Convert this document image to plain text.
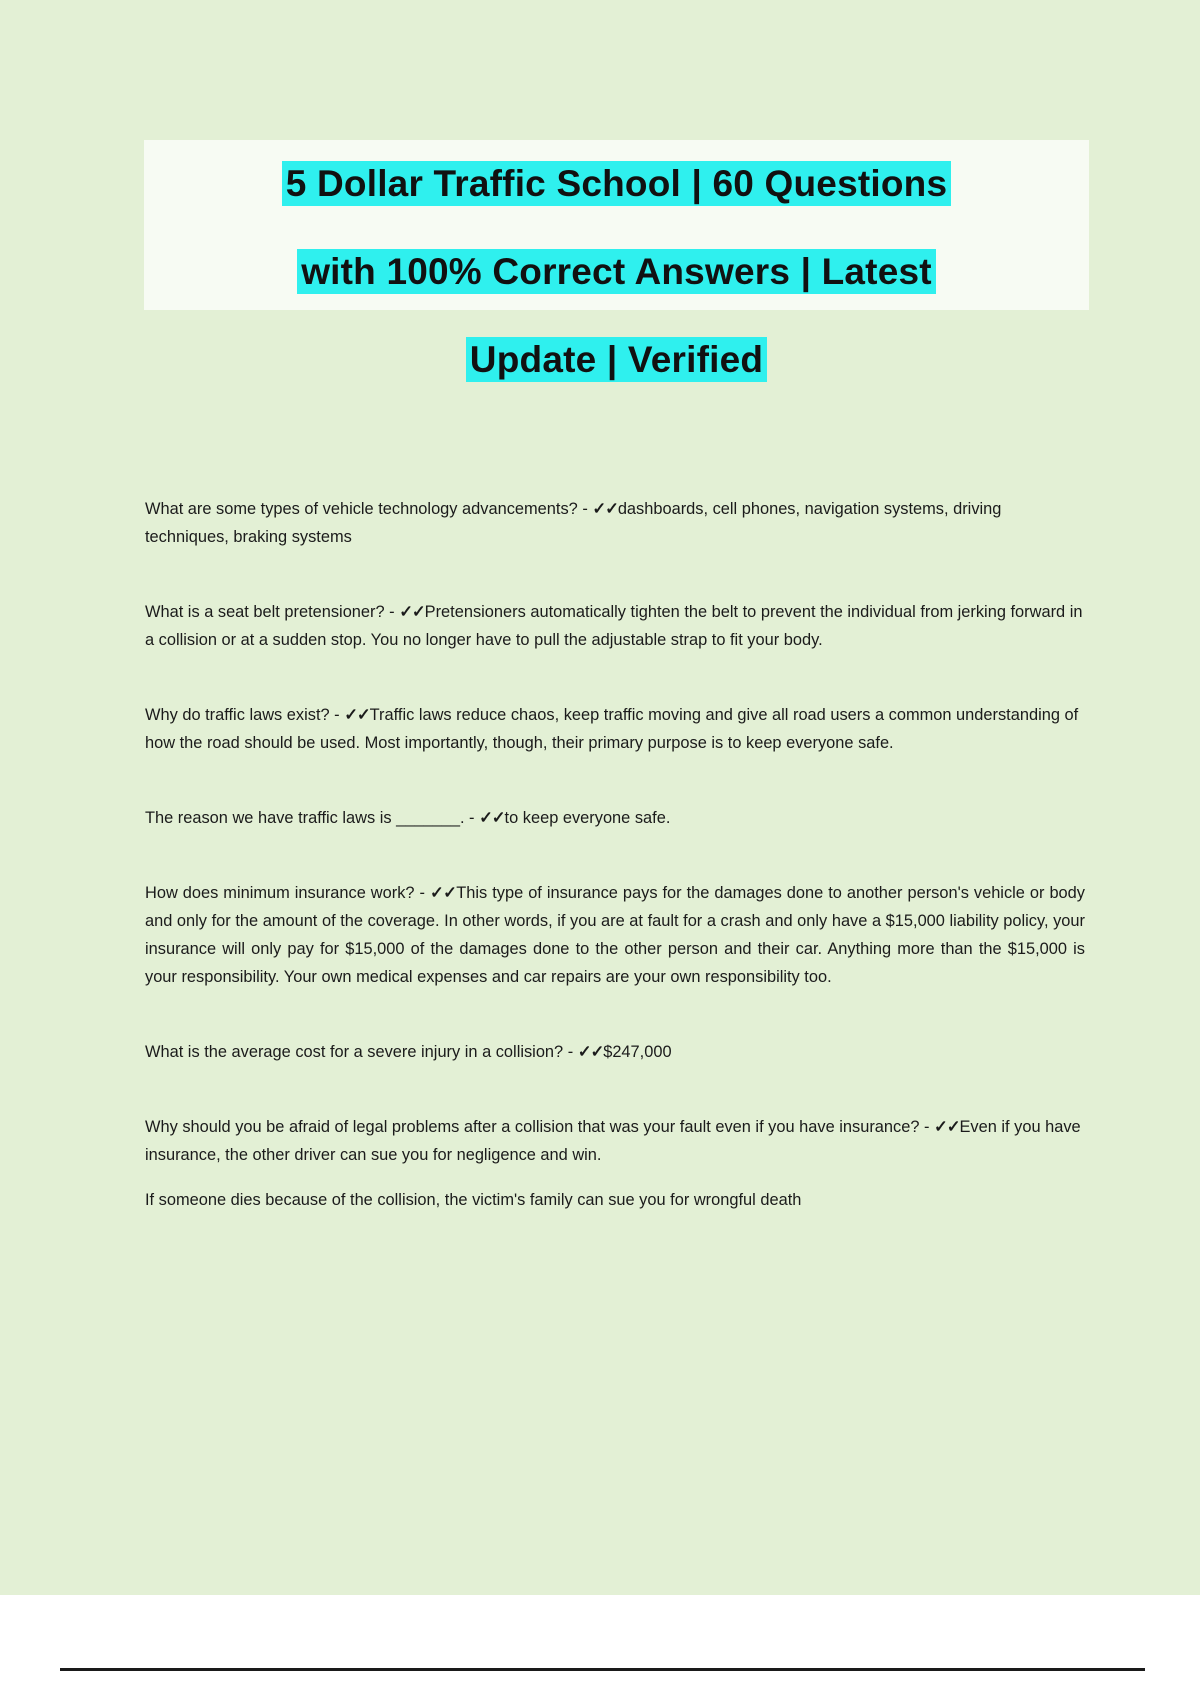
5 Dollar Traffic School | 60 Questions
with 100% Correct Answers | Latest
Update | Verified

What are some types of vehicle technology advancements? - ✓✓dashboards, cell phones, navigation systems, driving techniques, braking systems

What is a seat belt pretensioner? - ✓✓Pretensioners automatically tighten the belt to prevent the individual from jerking forward in a collision or at a sudden stop. You no longer have to pull the adjustable strap to fit your body.

Why do traffic laws exist? - ✓✓Traffic laws reduce chaos, keep traffic moving and give all road users a common understanding of how the road should be used. Most importantly, though, their primary purpose is to keep everyone safe.

The reason we have traffic laws is _______. - ✓✓to keep everyone safe.

How does minimum insurance work? - ✓✓This type of insurance pays for the damages done to another person's vehicle or body and only for the amount of the coverage. In other words, if you are at fault for a crash and only have a $15,000 liability policy, your insurance will only pay for $15,000 of the damages done to the other person and their car. Anything more than the $15,000 is your responsibility. Your own medical expenses and car repairs are your own responsibility too.

What is the average cost for a severe injury in a collision? - ✓✓$247,000

Why should you be afraid of legal problems after a collision that was your fault even if you have insurance? - ✓✓Even if you have insurance, the other driver can sue you for negligence and win.

If someone dies because of the collision, the victim's family can sue you for wrongful death
